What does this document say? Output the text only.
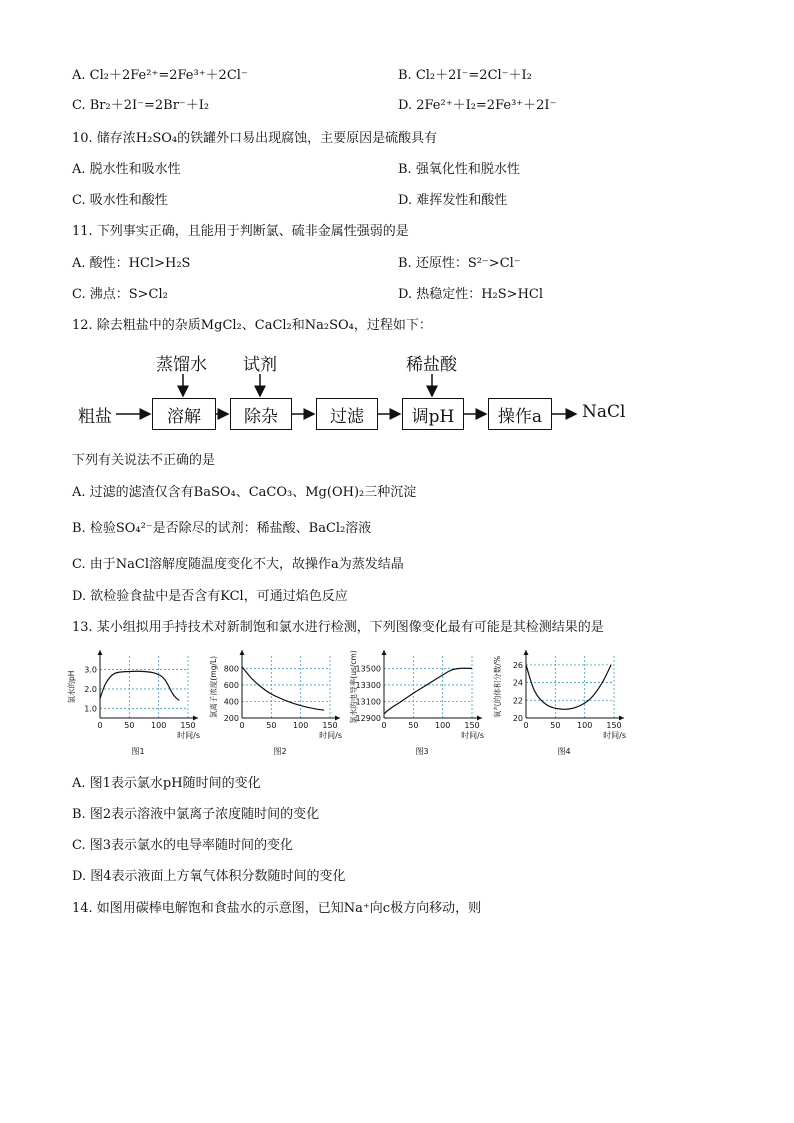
A. Cl₂＋2Fe²⁺=2Fe³⁺＋2Cl⁻	B. Cl₂＋2I⁻=2Cl⁻＋I₂
C. Br₂＋2I⁻=2Br⁻＋I₂	D. 2Fe²⁺＋I₂=2Fe³⁺＋2I⁻
10. 储存浓H₂SO₄的铁罐外口易出现腐蚀，主要原因是硫酸具有
A. 脱水性和吸水性	B. 强氧化性和脱水性
C. 吸水性和酸性	D. 难挥发性和酸性
11. 下列事实正确，且能用于判断氯、硫非金属性强弱的是
A. 酸性：HCl>H₂S	B. 还原性：S²⁻>Cl⁻
C. 沸点：S>Cl₂	D. 热稳定性：H₂S>HCl
12. 除去粗盐中的杂质MgCl₂、CaCl₂和Na₂SO₄，过程如下：
粗盐	溶解	除杂	过滤	调pH	操作a	NaCl
蒸馏水 试剂	稀盐酸
下列有关说法不正确的是
A. 过滤的滤渣仅含有BaSO₄、CaCO₃、Mg(OH)₂三种沉淀
B. 检验SO₄²⁻是否除尽的试剂：稀盐酸、BaCl₂溶液
C. 由于NaCl溶解度随温度变化不大，故操作a为蒸发结晶
D. 欲检验食盐中是否含有KCl，可通过焰色反应
13. 某小组拟用手持技术对新制饱和氯水进行检测，下列图像变化最有可能是其检测结果的是
0	50 100 150
1.0
2.0
3.0
时间/s
氯水的pH
图1
0	50 100 150
200
400
600
800
时间/s
氯离子浓度(mg/L)
图2
0	50 100 150
12900
13100
13300
13500
时间/s
氯水的电导率(us/cm)
图3
0	50 100 150
20
22
24
26
时间/s
氧气的体积分数/%
图4
A. 图1表示氯水pH随时间的变化
B. 图2表示溶液中氯离子浓度随时间的变化
C. 图3表示氯水的电导率随时间的变化
D. 图4表示液面上方氧气体积分数随时间的变化
14. 如图用碳棒电解饱和食盐水的示意图，已知Na⁺向c极方向移动，则
